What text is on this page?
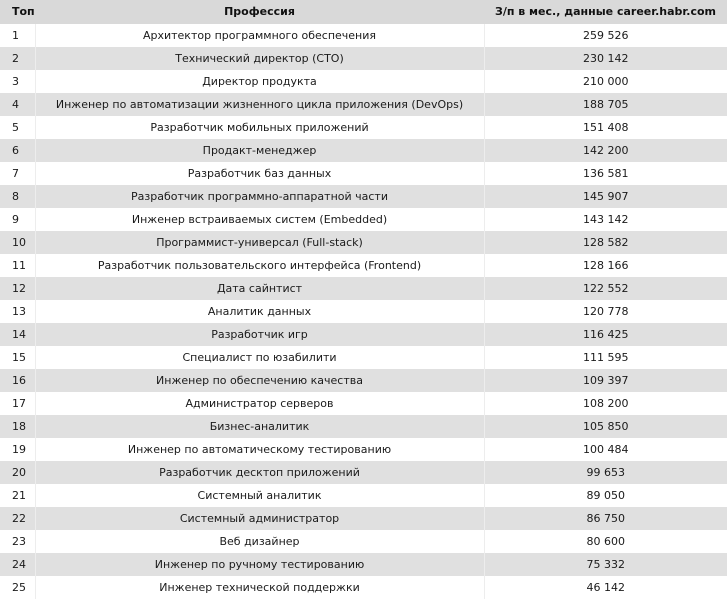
Топ	Профессия	З/п в мес., данные career.habr.com
1	Архитектор программного обеспечения	259 526
2	Технический директор (CTO)	230 142
3	Директор продукта	210 000
4	Инженер по автоматизации жизненного цикла приложения (DevOps)	188 705
5	Разработчик мобильных приложений	151 408
6	Продакт-менеджер	142 200
7	Разработчик баз данных	136 581
8	Разработчик программно-аппаратной части	145 907
9	Инженер встраиваемых систем (Embedded)	143 142
10	Программист-универсал (Full-stack)	128 582
11	Разработчик пользовательского интерфейса (Frontend)	128 166
12	Дата сайнтист	122 552
13	Аналитик данных	120 778
14	Разработчик игр	116 425
15	Специалист по юзабилити	111 595
16	Инженер по обеспечению качества	109 397
17	Администратор серверов	108 200
18	Бизнес-аналитик	105 850
19	Инженер по автоматическому тестированию	100 484
20	Разработчик десктоп приложений	99 653
21	Системный аналитик	89 050
22	Системный администратор	86 750
23	Веб дизайнер	80 600
24	Инженер по ручному тестированию	75 332
25	Инженер технической поддержки	46 142
